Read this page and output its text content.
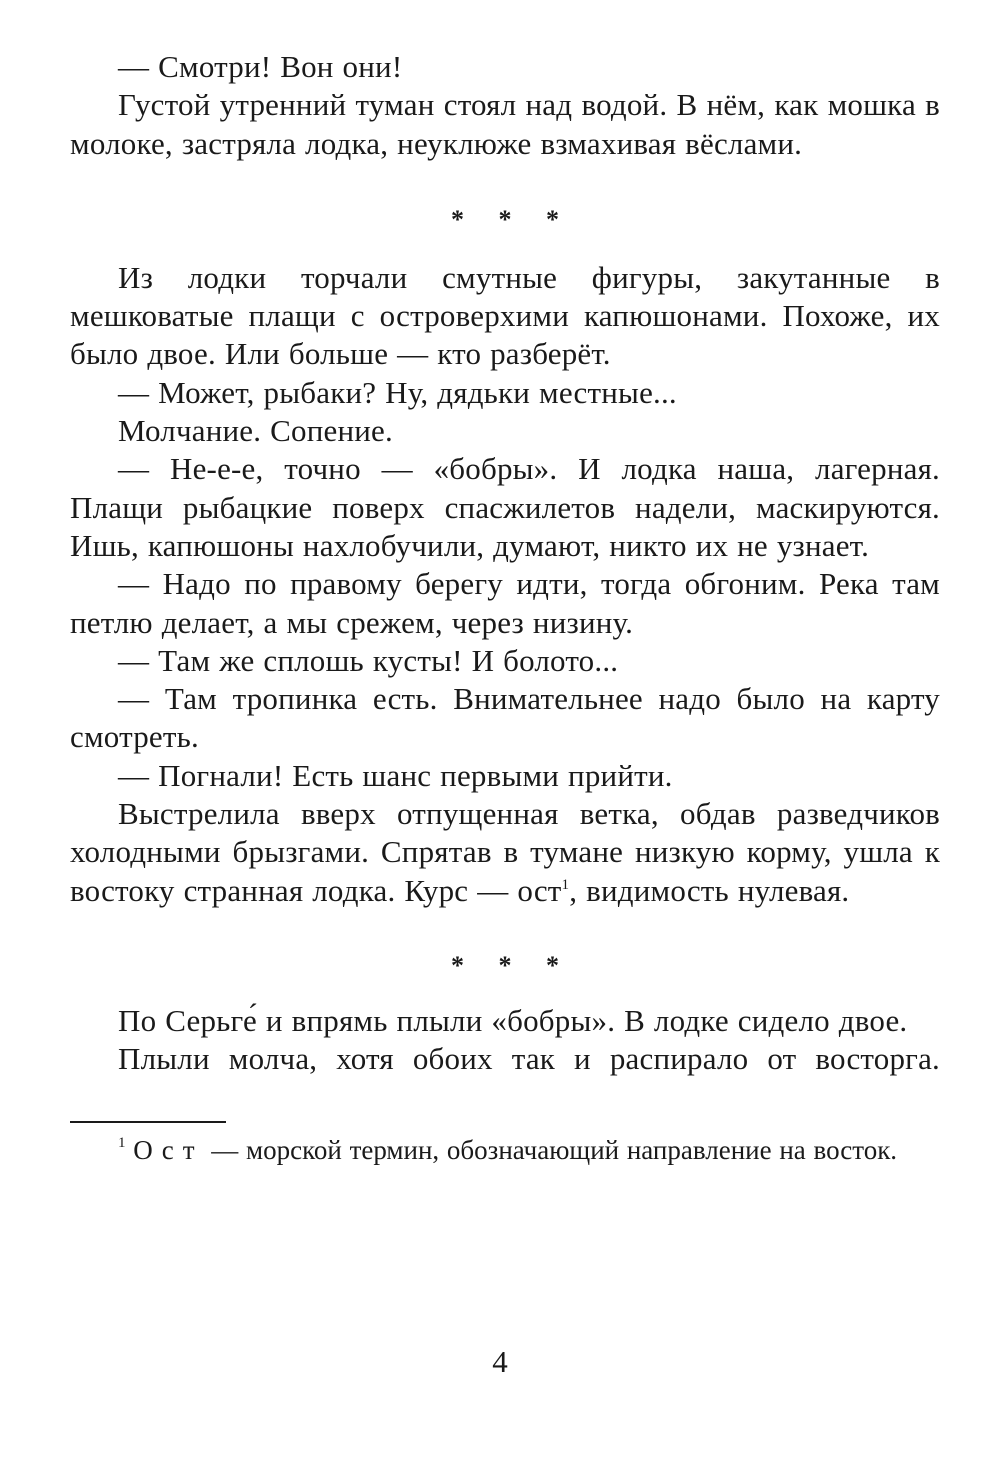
— Смотри! Вон они!

Густой утренний туман стоял над водой. В нём, как мошка в молоке, застряла лодка, неуклюже взмахивая вёслами.

* * *

Из лодки торчали смутные фигуры, закутанные в мешковатые плащи с островерхими капюшонами. Похоже, их было двое. Или больше — кто разберёт.

— Может, рыбаки? Ну, дядьки местные...

Молчание. Сопение.

— Не-е-е, точно — «бобры». И лодка наша, лагерная. Плащи рыбацкие поверх спасжилетов надели, маскируются. Ишь, капюшоны нахлобучили, думают, никто их не узнает.

— Надо по правому берегу идти, тогда обгоним. Река там петлю делает, а мы срежем, через низину.

— Там же сплошь кусты! И болото...

— Там тропинка есть. Внимательнее надо было на карту смотреть.

— Погнали! Есть шанс первыми прийти.

Выстрелила вверх отпущенная ветка, обдав разведчиков холодными брызгами. Спрятав в тумане низкую корму, ушла к востоку странная лодка. Курс — ост$^1$, видимость нулевая.

* * *

По Серьге́ и впрямь плыли «бобры». В лодке сидело двое.

Плыли молча, хотя обоих так и распирало от восторга.

$^1$ Ост — морской термин, обозначающий направление на восток.

4
